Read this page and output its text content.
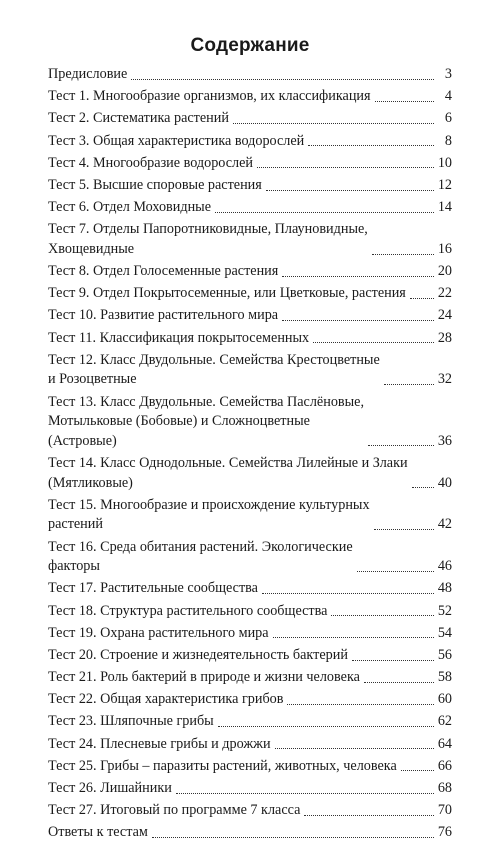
Содержание
Предисловие	3
Тест 1. Многообразие организмов, их классификация	4
Тест 2. Систематика растений	6
Тест 3. Общая характеристика водорослей	8
Тест 4. Многообразие водорослей	10
Тест 5. Высшие споровые растения	12
Тест 6. Отдел Моховидные	14
Тест 7. Отделы Папоротниковидные, Плауновидные,
Хвощевидные	16
Тест 8. Отдел Голосеменные растения	20
Тест 9. Отдел Покрытосеменные, или Цветковые, растения 22
Тест 10. Развитие растительного мира	24
Тест 11. Классификация покрытосеменных	28
Тест 12. Класс Двудольные. Семейства Крестоцветные
и Розоцветные	32
Тест 13. Класс Двудольные. Семейства Паслёновые,
Мотыльковые (Бобовые) и Сложноцветные
(Астровые)	36
Тест 14. Класс Однодольные. Семейства Лилейные и Злаки
(Мятликовые)	40
Тест 15. Многообразие и происхождение культурных
растений	42
Тест 16. Среда обитания растений. Экологические
факторы	46
Тест 17. Растительные сообщества	48
Тест 18. Структура растительного сообщества	52
Тест 19. Охрана растительного мира	54
Тест 20. Строение и жизнедеятельность бактерий	56
Тест 21. Роль бактерий в природе и жизни человека	58
Тест 22. Общая характеристика грибов	60
Тест 23. Шляпочные грибы	62
Тест 24. Плесневые грибы и дрожжи	64
Тест 25. Грибы – паразиты растений, животных, человека	66
Тест 26. Лишайники	68
Тест 27. Итоговый по программе 7 класса	70
Ответы к тестам	76
